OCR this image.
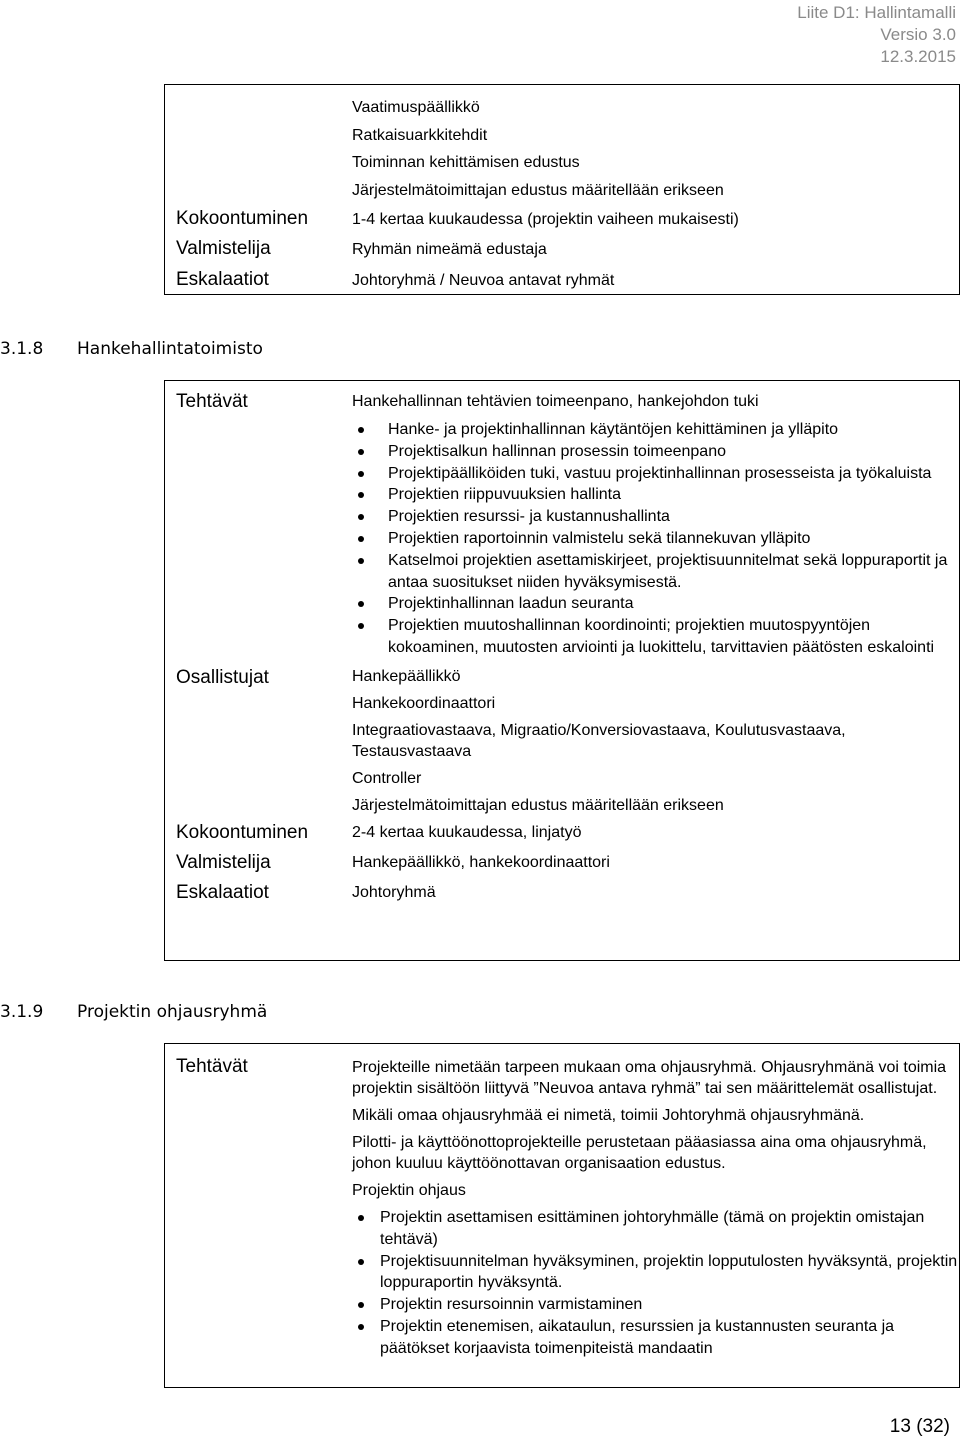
Liite D1: Hallintamalli
Versio 3.0
12.3.2015
Vaatimuspäällikkö
Ratkaisuarkkitehdit
Toiminnan kehittämisen edustus
Järjestelmätoimittajan edustus määritellään erikseen
Kokoontuminen	1-4 kertaa kuukaudessa (projektin vaiheen mukaisesti)
Valmistelija	Ryhmän nimeämä edustaja
Eskalaatiot	Johtoryhmä / Neuvoa antavat ryhmät
3.1.8 Hankehallintatoimisto
Tehtävät	Hankehallinnan tehtävien toimeenpano, hankejohdon tuki

Hanke- ja projektinhallinnan käytäntöjen kehittäminen ja ylläpito
Projektisalkun hallinnan prosessin toimeenpano
Projektipäälliköiden tuki, vastuu projektinhallinnan prosesseista ja työkaluista
Projektien riippuvuuksien hallinta
Projektien resurssi- ja kustannushallinta
Projektien raportoinnin valmistelu sekä tilannekuvan ylläpito
Katselmoi projektien asettamiskirjeet, projektisuunnitelmat sekä loppuraportit ja antaa suositukset niiden hyväksymisestä.
Projektinhallinnan laadun seuranta
Projektien muutoshallinnan koordinointi; projektien muutospyyntöjen kokoaminen, muutosten arviointi ja luokittelu, tarvittavien päätösten eskalointi
Osallistujat	Hankepäällikkö

Hankekoordinaattori

Integraatiovastaava, Migraatio/Konversiovastaava, Koulutusvastaava, Testausvastaava

Controller

Järjestelmätoimittajan edustus määritellään erikseen

Kokoontuminen	2-4 kertaa kuukaudessa, linjatyö
Valmistelija	Hankepäällikkö, hankekoordinaattori
Eskalaatiot	Johtoryhmä
3.1.9 Projektin ohjausryhmä
Tehtävät	Projekteille nimetään tarpeen mukaan oma ohjausryhmä. Ohjausryhmänä voi toimia projektin sisältöön liittyvä ”Neuvoa antava ryhmä” tai sen määrittelemät osallistujat.

Mikäli omaa ohjausryhmää ei nimetä, toimii Johtoryhmä ohjausryhmänä.

Pilotti- ja käyttöönottoprojekteille perustetaan pääasiassa aina oma ohjausryhmä, johon kuuluu käyttöönottavan organisaation edustus.

Projektin ohjaus

Projektin asettamisen esittäminen johtoryhmälle (tämä on projektin omistajan tehtävä)
Projektisuunnitelman hyväksyminen, projektin lopputulosten hyväksyntä, projektin loppuraportin hyväksyntä.
Projektin resursoinnin varmistaminen
Projektin etenemisen, aikataulun, resurssien ja kustannusten seuranta ja päätökset korjaavista toimenpiteistä mandaatin
13 (32)
